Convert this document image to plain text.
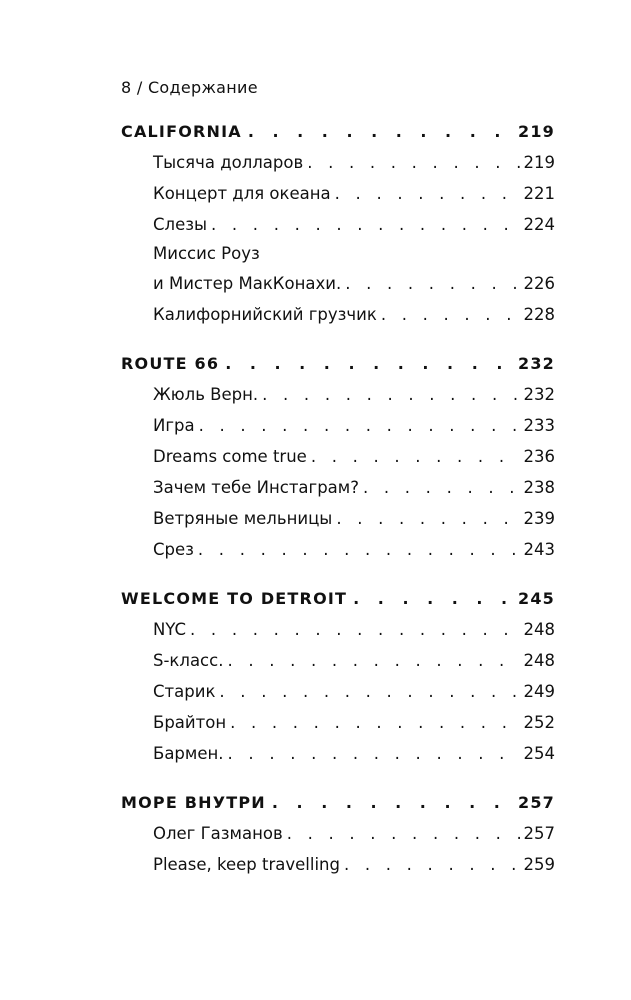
8 / Содержание
CALIFORNIA . . .	219
Тысяча долларов . . .	219
Концерт для океана . . .	221
Слезы . . .	224
Миссис Роуз
и Мистер МакКонахи. . . .	226
Калифорнийский грузчик . . .	228
ROUTE 66 . . .	232
Жюль Верн. . . .	232
Игра . . .	233
Dreams come true . . .	236
Зачем тебе Инстаграм? . . .	238
Ветряные мельницы . . .	239
Срез . . .	243
WELCOME TO DETROIT . . .	245
NYC . . .	248
S-класс. . . .	248
Старик . . .	249
Брайтон . . .	252
Бармен. . . .	254
МОРЕ ВНУТРИ . . .	257
Олег Газманов . . .	257
Please, keep travelling . . .	259
